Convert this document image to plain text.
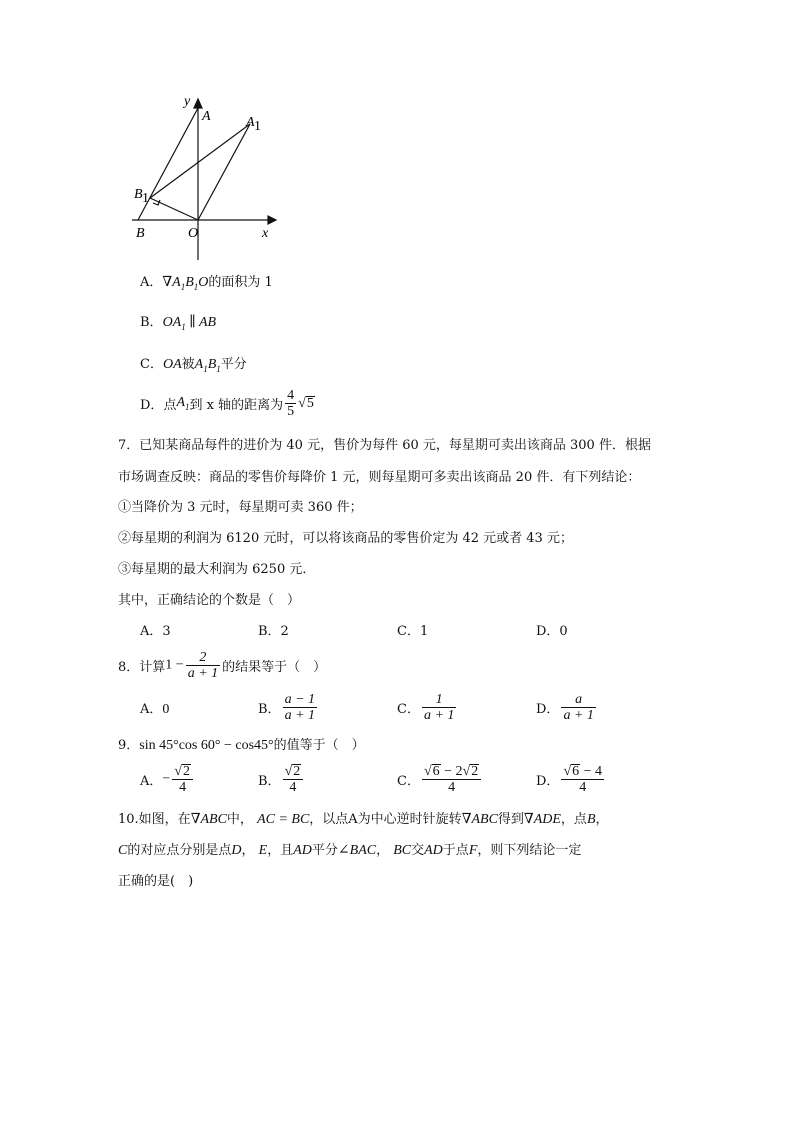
y
A	A 1
B 1
B	O	x
A．$\nabla A_1B_1O$的面积为 1
B．$OA_1$ ∥ AB
C．OA被$A_1B_1$平分
D．点$A_1$到 x 轴的距离为 $\frac{4}{5} √5$
7．已知某商品每件的进价为 40 元，售价为每件 60 元，每星期可卖出该商品 300 件．根据
市场调查反映：商品的零售价每降价 1 元，则每星期可多卖出该商品 20 件．有下列结论：
①当降价为 3 元时，每星期可卖 360 件；
②每星期的利润为 6120 元时，可以将该商品的零售价定为 42 元或者 43 元；
③每星期的最大利润为 6250 元．
其中，正确结论的个数是（　）
A．3	B．2	C．1	D．0
8．计算$1 - \frac{2}{a + 1}$ 的结果等于（　）
A．0	B． $\frac{a - 1}{a + 1}$	C． $\frac{1}{a + 1}$	D． $\frac{a}{a + 1}$
9．sin 45°cos 60° − cos45°的值等于（　）
A．− $\frac{√2}{4}$	B． $\frac{√2}{4}$	C． $\frac{√6 - 2√2}{4}$	D． $\frac{√6 - 4}{4}$
10.如图，在∇ABC中， AC = BC，以点A为中心逆时针旋转∇ABC得到∇ADE，点B，
C的对应点分别是点D， E，且AD平分∠BAC， BC交AD于点F，则下列结论一定
正确的是(　)
